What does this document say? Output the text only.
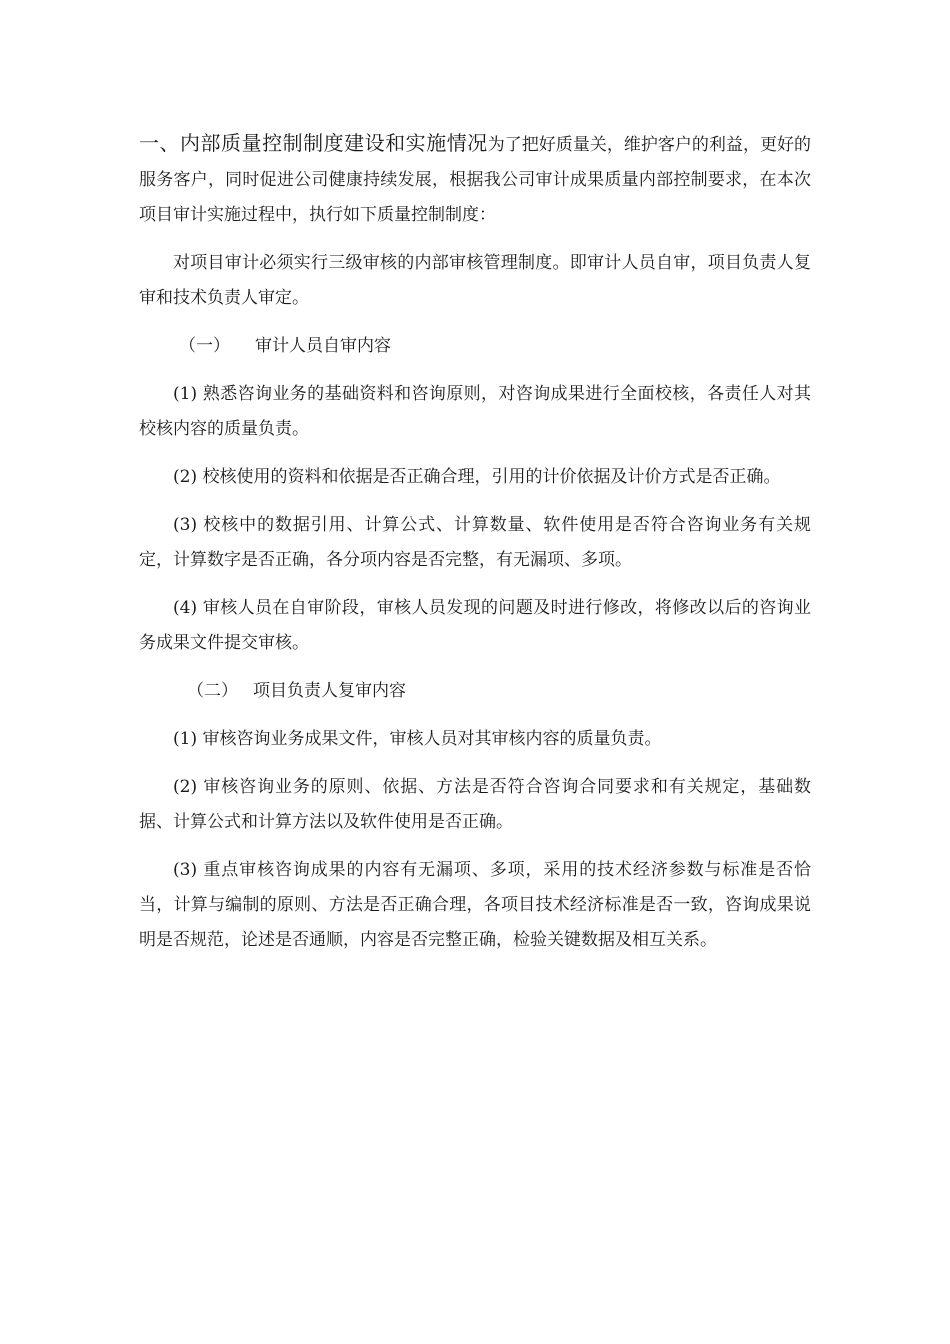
一、内部质量控制制度建设和实施情况为了把好质量关，维护客户的利益，更好的服务客户，同时促进公司健康持续发展，根据我公司审计成果质量内部控制要求，在本次项目审计实施过程中，执行如下质量控制制度：

对项目审计必须实行三级审核的内部审核管理制度。即审计人员自审，项目负责人复审和技术负责人审定。

（一） 审计人员自审内容

(1) 熟悉咨询业务的基础资料和咨询原则，对咨询成果进行全面校核，各责任人对其校核内容的质量负责。

(2) 校核使用的资料和依据是否正确合理，引用的计价依据及计价方式是否正确。

(3) 校核中的数据引用、计算公式、计算数量、软件使用是否符合咨询业务有关规定，计算数字是否正确，各分项内容是否完整，有无漏项、多项。

(4) 审核人员在自审阶段，审核人员发现的问题及时进行修改，将修改以后的咨询业务成果文件提交审核。

（二） 项目负责人复审内容

(1) 审核咨询业务成果文件，审核人员对其审核内容的质量负责。

(2) 审核咨询业务的原则、依据、方法是否符合咨询合同要求和有关规定，基础数据、计算公式和计算方法以及软件使用是否正确。

(3) 重点审核咨询成果的内容有无漏项、多项，采用的技术经济参数与标准是否恰当，计算与编制的原则、方法是否正确合理，各项目技术经济标准是否一致，咨询成果说明是否规范，论述是否通顺，内容是否完整正确，检验关键数据及相互关系。
